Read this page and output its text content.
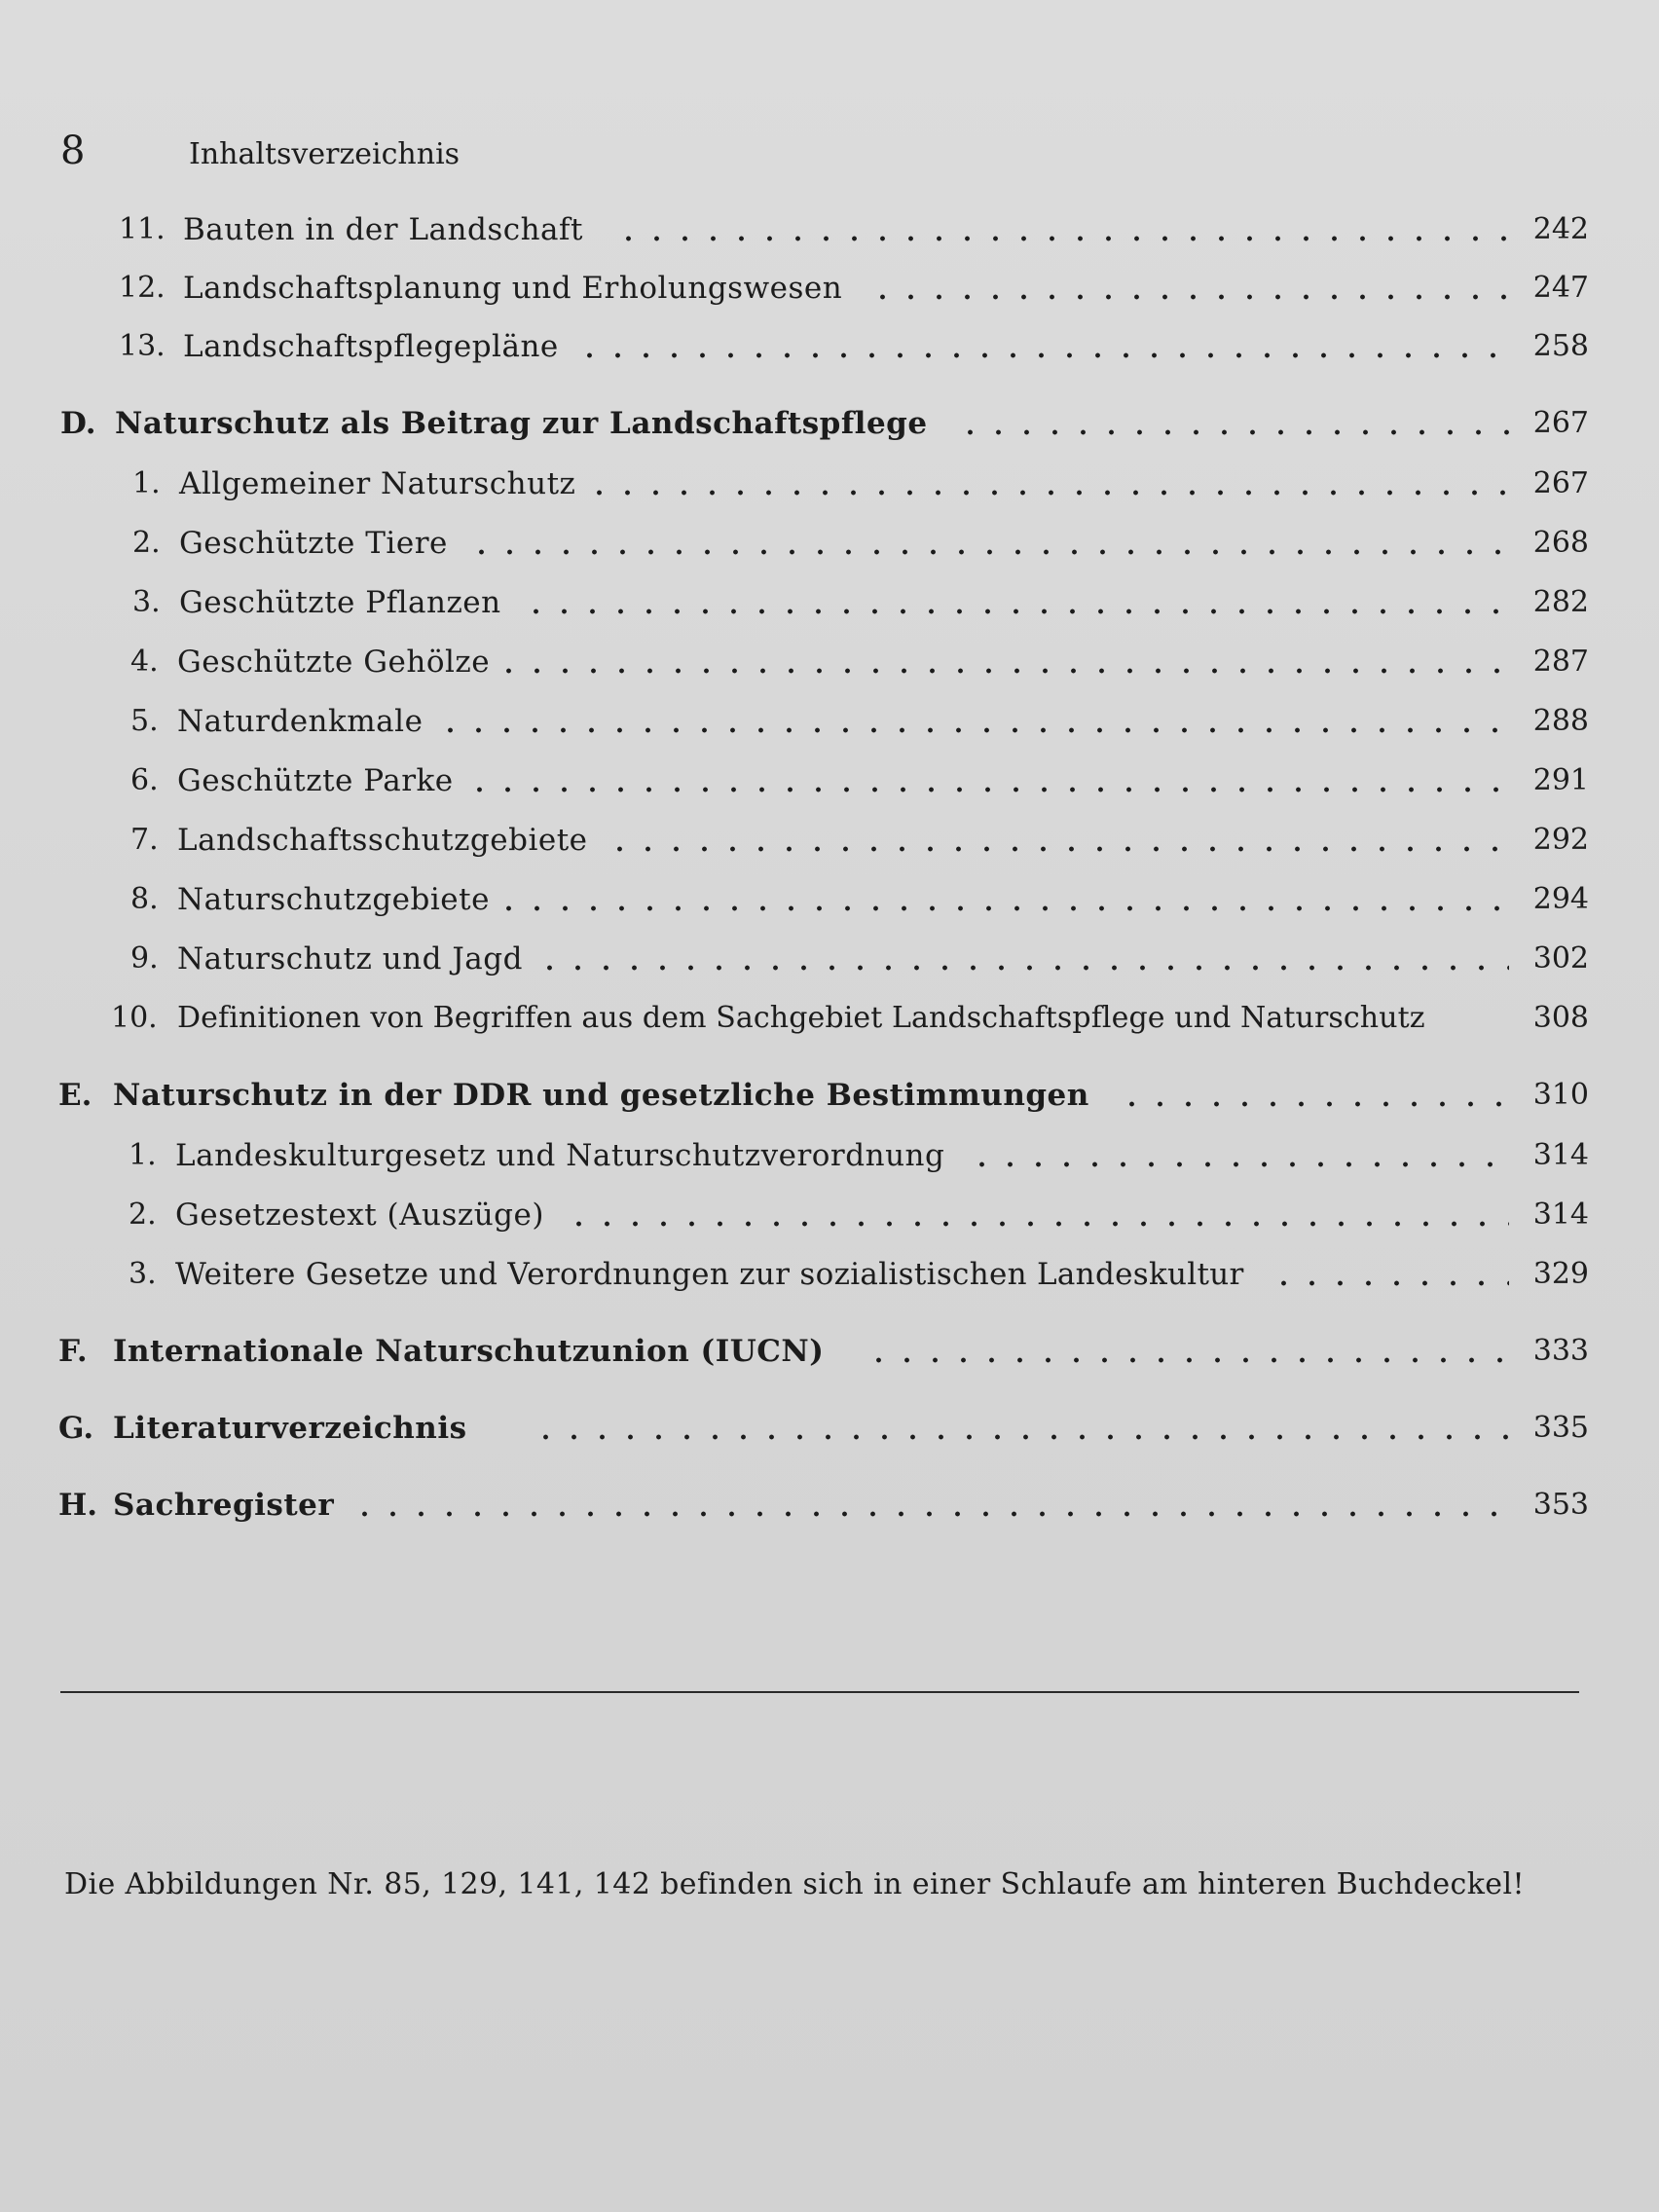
8	Inhaltsverzeichnis
11. Bauten in der Landschaft	242
12. Landschaftsplanung und Erholungswesen	247
13. Landschaftspflegepläne	258
D. Naturschutz als Beitrag zur Landschaftspflege	267
1. Allgemeiner Naturschutz	267
2. Geschützte Tiere	268
3. Geschützte Pflanzen	282
4. Geschützte Gehölze	287
5. Naturdenkmale	288
6. Geschützte Parke	291
7. Landschaftsschutzgebiete	292
8. Naturschutzgebiete	294
9. Naturschutz und Jagd	302
10. Definitionen von Begriffen aus dem Sachgebiet Landschaftspflege und Naturschutz	308
E. Naturschutz in der DDR und gesetzliche Bestimmungen	310
1. Landeskulturgesetz und Naturschutzverordnung	314
2. Gesetzestext (Auszüge)	314
3. Weitere Gesetze und Verordnungen zur sozialistischen Landeskultur	329
F. Internationale Naturschutzunion (IUCN)	333
G. Literaturverzeichnis	335
H. Sachregister	353
Die Abbildungen Nr. 85, 129, 141, 142 befinden sich in einer Schlaufe am hinteren Buchdeckel!
